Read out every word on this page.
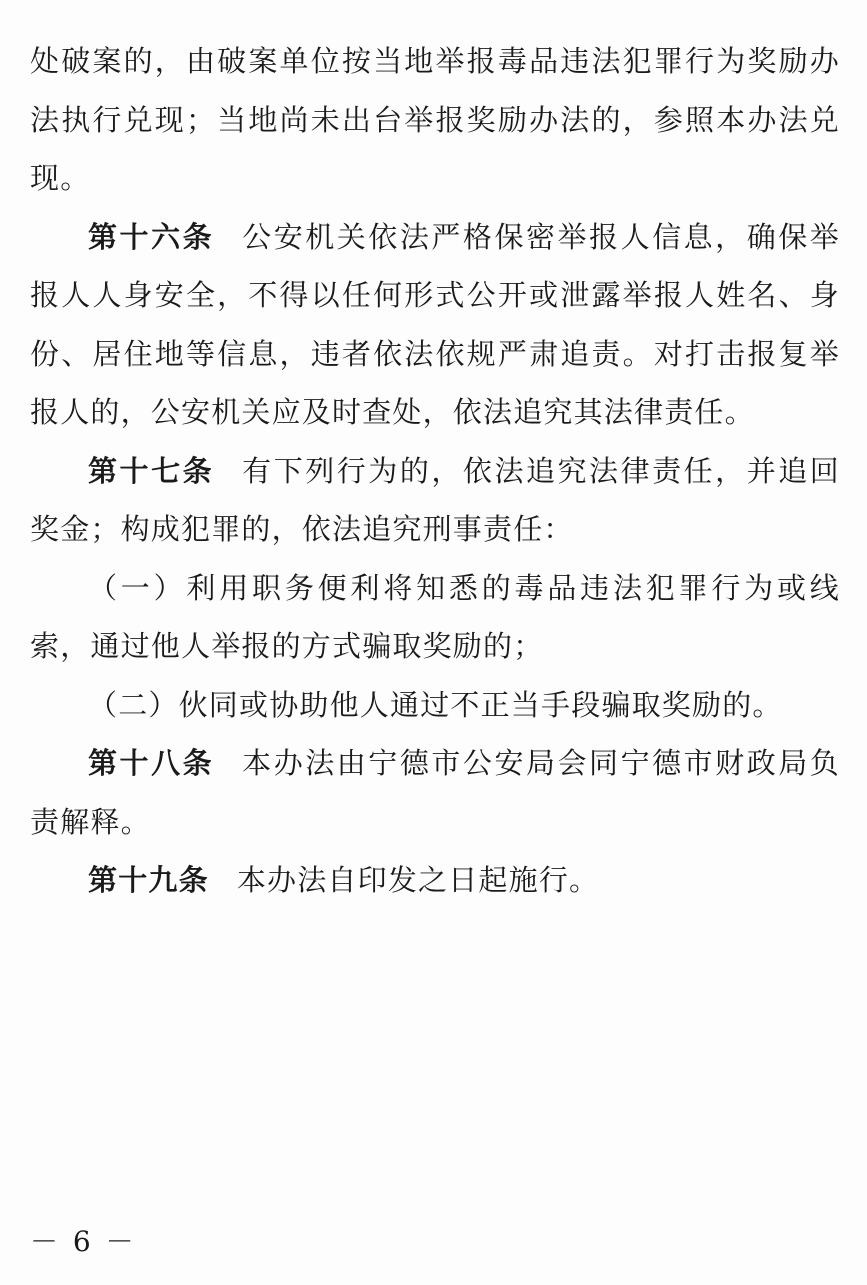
处破案的，由破案单位按当地举报毒品违法犯罪行为奖励办法执行兑现；当地尚未出台举报奖励办法的，参照本办法兑现。

第十六条 公安机关依法严格保密举报人信息，确保举报人人身安全，不得以任何形式公开或泄露举报人姓名、身份、居住地等信息，违者依法依规严肃追责。对打击报复举报人的，公安机关应及时查处，依法追究其法律责任。

第十七条 有下列行为的，依法追究法律责任，并追回奖金；构成犯罪的，依法追究刑事责任：

（一）利用职务便利将知悉的毒品违法犯罪行为或线索，通过他人举报的方式骗取奖励的；

（二）伙同或协助他人通过不正当手段骗取奖励的。

第十八条 本办法由宁德市公安局会同宁德市财政局负责解释。

第十九条 本办法自印发之日起施行。

－ 6 －
